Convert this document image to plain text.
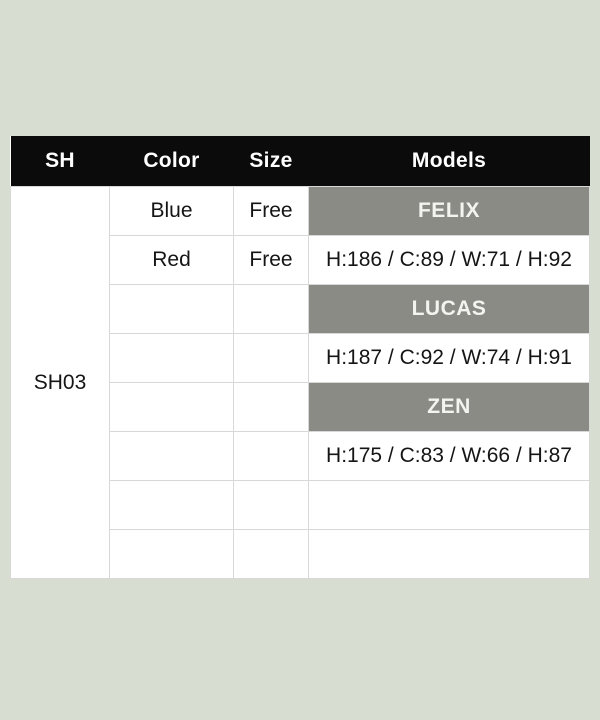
SH	Color	Size	Models
SH03	Blue	Free	FELIX
	Red	Free	H:186 / C:89 / W:71 / H:92
			LUCAS
			H:187 / C:92 / W:74 / H:91
			ZEN
			H:175 / C:83 / W:66 / H:87
